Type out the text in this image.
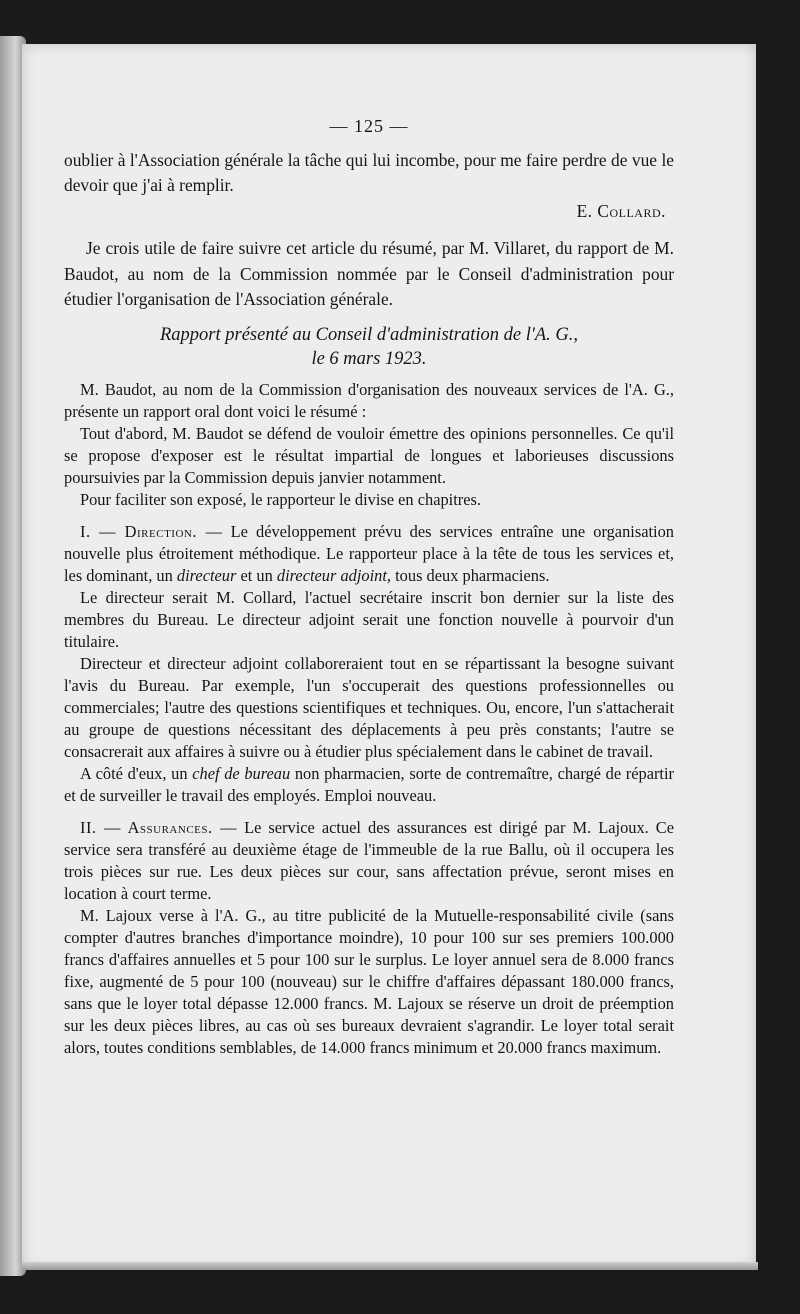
— 125 —

oublier à l'Association générale la tâche qui lui incombe, pour me faire perdre de vue le devoir que j'ai à remplir.

E. Collard.

Je crois utile de faire suivre cet article du résumé, par M. Villaret, du rapport de M. Baudot, au nom de la Commission nommée par le Conseil d'administration pour étudier l'organisation de l'Association générale.

Rapport présenté au Conseil d'administration de l'A. G.,
le 6 mars 1923.

M. Baudot, au nom de la Commission d'organisation des nouveaux services de l'A. G., présente un rapport oral dont voici le résumé :

Tout d'abord, M. Baudot se défend de vouloir émettre des opinions personnelles. Ce qu'il se propose d'exposer est le résultat impartial de longues et laborieuses discussions poursuivies par la Commission depuis janvier notamment.

Pour faciliter son exposé, le rapporteur le divise en chapitres.

I. — Direction. — Le développement prévu des services entraîne une organisation nouvelle plus étroitement méthodique. Le rapporteur place à la tête de tous les services et, les dominant, un directeur et un directeur adjoint, tous deux pharmaciens.

Le directeur serait M. Collard, l'actuel secrétaire inscrit bon dernier sur la liste des membres du Bureau. Le directeur adjoint serait une fonction nouvelle à pourvoir d'un titulaire.

Directeur et directeur adjoint collaboreraient tout en se répartissant la besogne suivant l'avis du Bureau. Par exemple, l'un s'occuperait des questions professionnelles ou commerciales; l'autre des questions scientifiques et techniques. Ou, encore, l'un s'attacherait au groupe de questions nécessitant des déplacements à peu près constants; l'autre se consacrerait aux affaires à suivre ou à étudier plus spécialement dans le cabinet de travail.

A côté d'eux, un chef de bureau non pharmacien, sorte de contremaître, chargé de répartir et de surveiller le travail des employés. Emploi nouveau.

II. — Assurances. — Le service actuel des assurances est dirigé par M. Lajoux. Ce service sera transféré au deuxième étage de l'immeuble de la rue Ballu, où il occupera les trois pièces sur rue. Les deux pièces sur cour, sans affectation prévue, seront mises en location à court terme.

M. Lajoux verse à l'A. G., au titre publicité de la Mutuelle-responsabilité civile (sans compter d'autres branches d'importance moindre), 10 pour 100 sur ses premiers 100.000 francs d'affaires annuelles et 5 pour 100 sur le surplus. Le loyer annuel sera de 8.000 francs fixe, augmenté de 5 pour 100 (nouveau) sur le chiffre d'affaires dépassant 180.000 francs, sans que le loyer total dépasse 12.000 francs. M. Lajoux se réserve un droit de préemption sur les deux pièces libres, au cas où ses bureaux devraient s'agrandir. Le loyer total serait alors, toutes conditions semblables, de 14.000 francs minimum et 20.000 francs maximum.
